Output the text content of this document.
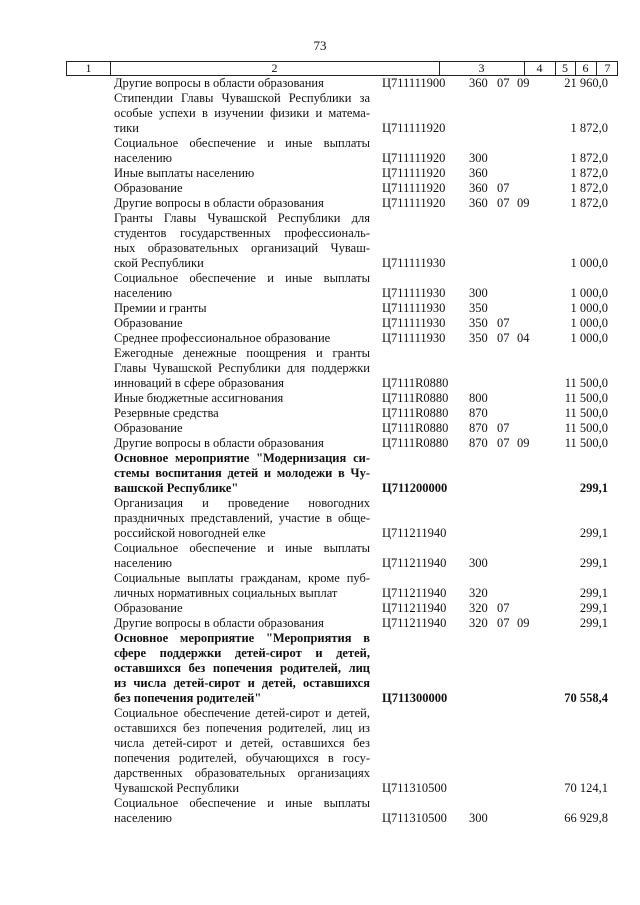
73
1	2	3	4	5	6	7
Другие вопросы в области образования	Ц711111900 360 07 09	21 960,0
Стипендии Главы Чувашской Республики за
особые успехи в изучении физики и матема-
тики	Ц711111920	1 872,0
Социальное обеспечение и иные выплаты
населению	Ц711111920 300	1 872,0
Иные выплаты населению	Ц711111920 360	1 872,0
Образование	Ц711111920 360 07	1 872,0
Другие вопросы в области образования	Ц711111920 360 07 09	1 872,0
Гранты Главы Чувашской Республики для
студентов государственных профессиональ-
ных образовательных организаций Чуваш-
ской Республики	Ц711111930	1 000,0
Социальное обеспечение и иные выплаты
населению	Ц711111930 300	1 000,0
Премии и гранты	Ц711111930 350	1 000,0
Образование	Ц711111930 350 07	1 000,0
Среднее профессиональное образование	Ц711111930 350 07 04	1 000,0
Ежегодные денежные поощрения и гранты
Главы Чувашской Республики для поддержки
инноваций в сфере образования	Ц7111R0880	11 500,0
Иные бюджетные ассигнования	Ц7111R0880 800	11 500,0
Резервные средства	Ц7111R0880 870	11 500,0
Образование	Ц7111R0880 870 07	11 500,0
Другие вопросы в области образования	Ц7111R0880 870 07 09	11 500,0
Основное мероприятие "Модернизация си-
стемы воспитания детей и молодежи в Чу-
вашской Республике"	Ц711200000	299,1
Организация и проведение новогодних
праздничных представлений, участие в обще-
российской новогодней елке	Ц711211940	299,1
Социальное обеспечение и иные выплаты
населению	Ц711211940 300	299,1
Социальные выплаты гражданам, кроме пуб-
личных нормативных социальных выплат	Ц711211940 320	299,1
Образование	Ц711211940 320 07	299,1
Другие вопросы в области образования	Ц711211940 320 07 09	299,1
Основное мероприятие "Мероприятия в
сфере поддержки детей-сирот и детей,
оставшихся без попечения родителей, лиц
из числа детей-сирот и детей, оставшихся
без попечения родителей"	Ц711300000	70 558,4
Социальное обеспечение детей-сирот и детей,
оставшихся без попечения родителей, лиц из
числа детей-сирот и детей, оставшихся без
попечения родителей, обучающихся в госу-
дарственных образовательных организациях
Чувашской Республики	Ц711310500	70 124,1
Социальное обеспечение и иные выплаты
населению	Ц711310500 300	66 929,8
